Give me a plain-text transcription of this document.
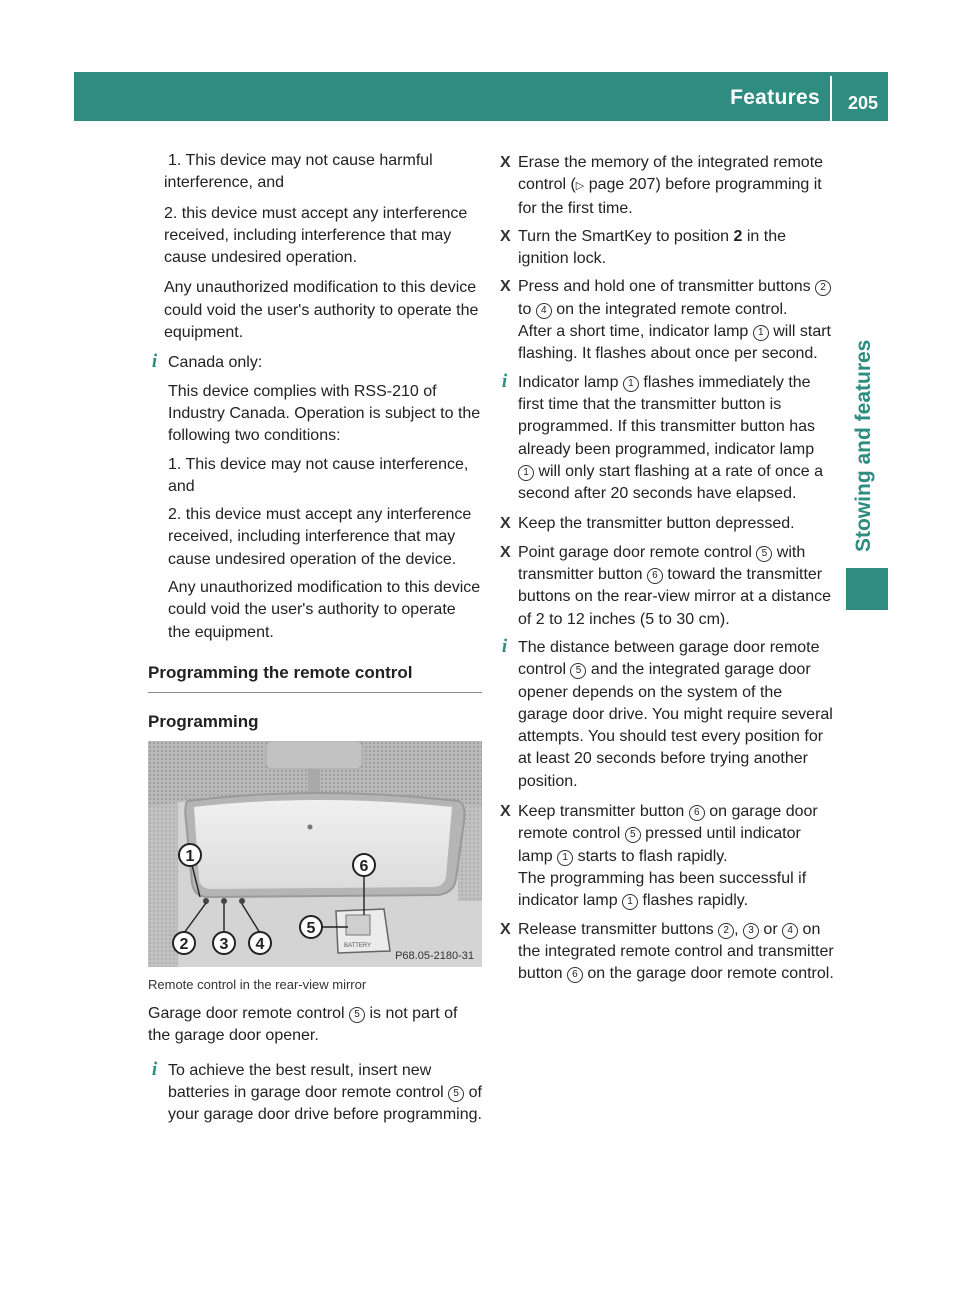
Features 205
Stowing and features

1. This device may not cause harmful interference, and

2. this device must accept any interference received, including interference that may cause undesired operation.

Any unauthorized modification to this device could void the user's authority to operate the equipment.

i Canada only:

This device complies with RSS-210 of Industry Canada. Operation is subject to the following two conditions:

1. This device may not cause interference, and

2. this device must accept any interference received, including interference that may cause undesired operation of the device.

Any unauthorized modification to this device could void the user's authority to operate the equipment.

Programming the remote control
Programming
BATTERY
1
2 3 4
5
6
P68.05-2180-31

Remote control in the rear-view mirror

Garage door remote control 5 is not part of the garage door opener.

i To achieve the best result, insert new batteries in garage door remote control 5 of your garage door drive before programming.

X Erase the memory of the integrated remote control (▷ page 207) before programming it for the first time.

X Turn the SmartKey to position 2 in the ignition lock.

X Press and hold one of transmitter buttons 2 to 4 on the integrated remote control.
After a short time, indicator lamp 1 will start flashing. It flashes about once per second.

i Indicator lamp 1 flashes immediately the first time that the transmitter button is programmed. If this transmitter button has already been programmed, indicator lamp 1 will only start flashing at a rate of once a second after 20 seconds have elapsed.

X Keep the transmitter button depressed.

X Point garage door remote control 5 with transmitter button 6 toward the transmitter buttons on the rear-view mirror at a distance of 2 to 12 inches (5 to 30 cm).

i The distance between garage door remote control 5 and the integrated garage door opener depends on the system of the garage door drive. You might require several attempts. You should test every position for at least 20 seconds before trying another position.

X Keep transmitter button 6 on garage door remote control 5 pressed until indicator lamp 1 starts to flash rapidly.
The programming has been successful if indicator lamp 1 flashes rapidly.

X Release transmitter buttons 2 , 3 or 4 on the integrated remote control and transmitter button 6 on the garage door remote control.
